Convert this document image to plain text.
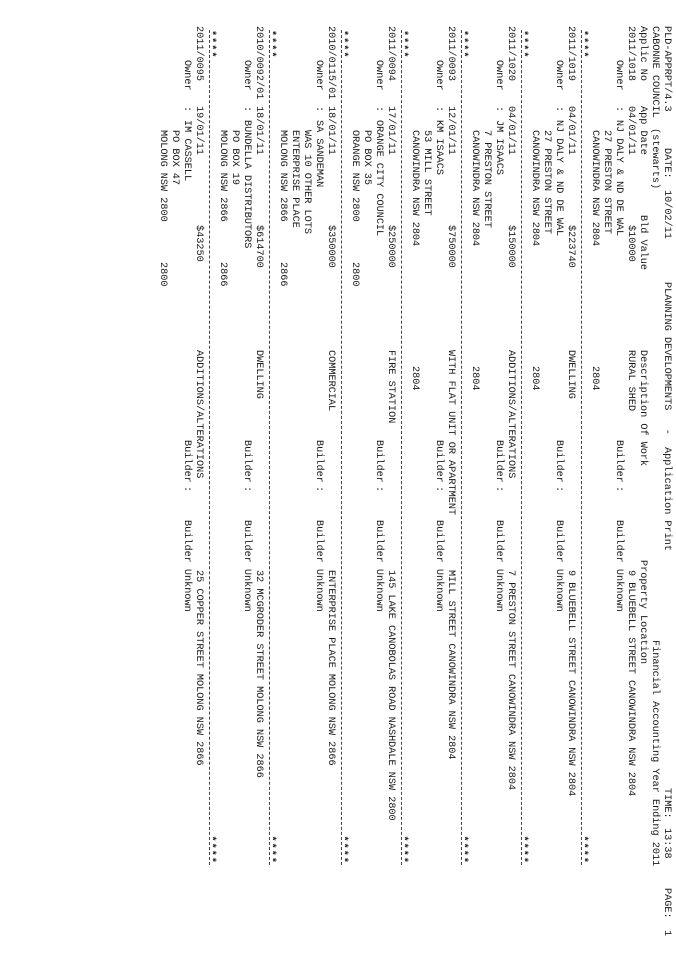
PLD-APPRPT/4.3
DATE:
10/02/11
PLANNING DEVELOPMENTS   -  Application Print
TIME:
13:38
PAGE:
1
CABONNE COUNCIL
(stewarts)
Financial Accounting Year Ending 2011
Applic No
App Date
Bld Value
Description Of Work
Property Location
2011/1018
04/01/11
$10000
RURAL SHED
9 BLUEBELL STREET CANOWINDRA NSW 2804
Owner
:
NJ DALY & ND DE WAL
Builder
:
Builder Unknown
27 PRESTON STREET
CANOWINDRA NSW 2804
2804
****
****
2011/1019
04/01/11
$223740
DWELLING
9 BLUEBELL STREET CANOWINDRA NSW 2804
Owner
:
NJ DALY & ND DE WAL
Builder
:
Builder Unknown
27 PRESTON STREET
CANOWINDRA NSW 2804
2804
****
****
2011/1020
04/01/11
$150000
ADDITIONS/ALTERATIONS
7 PRESTON STREET CANOWINDRA NSW 2804
Owner
:
JM ISAACS
Builder
:
Builder Unknown
7 PRESTON STREET
CANOWINDRA NSW 2804
2804
****
****
2011/0093
12/01/11
$750000
WITH FLAT UNIT OR APARTMENT
MILL STREET CANOWINDRA NSW 2804
Owner
:
KM ISAACS
Builder
:
Builder Unknown
53 MILL STREET
CANOWINDRA NSW 2804
2804
****
****
2011/0094
17/01/11
$250000
FIRE STATION
145 LAKE CANOBOLAS ROAD NASHDALE NSW 2800
Owner
:
ORANGE CITY COUNCIL
Builder
:
Builder Unknown
PO BOX 35
ORANGE NSW 2800
2800
****
****
2010/0115/01
18/01/11
$350000
COMMERCIAL
ENTERPRISE PLACE MOLONG NSW 2866
Owner
:
SA SANDEMAN
Builder
:
Builder Unknown
WAS 10 OTHER LOTS
ENTERPRISE PLACE
MOLONG NSW 2866
2866
****
****
2010/0092/01
18/01/11
$614700
DWELLING
32 MCGRODER STREET MOLONG NSW 2866
Owner
:
BUNDELLA DISTRIBUTORS
Builder
:
Builder Unknown
PO BOX 19
MOLONG NSW 2866
2866
****
****
2011/0095
19/01/11
$43250
ADDITIONS/ALTERATIONS
25 COPPER STREET MOLONG NSW 2866
Owner
:
IM CASSELL
Builder
:
Builder Unknown
PO BOX 47
MOLONG NSW 2800
2800
